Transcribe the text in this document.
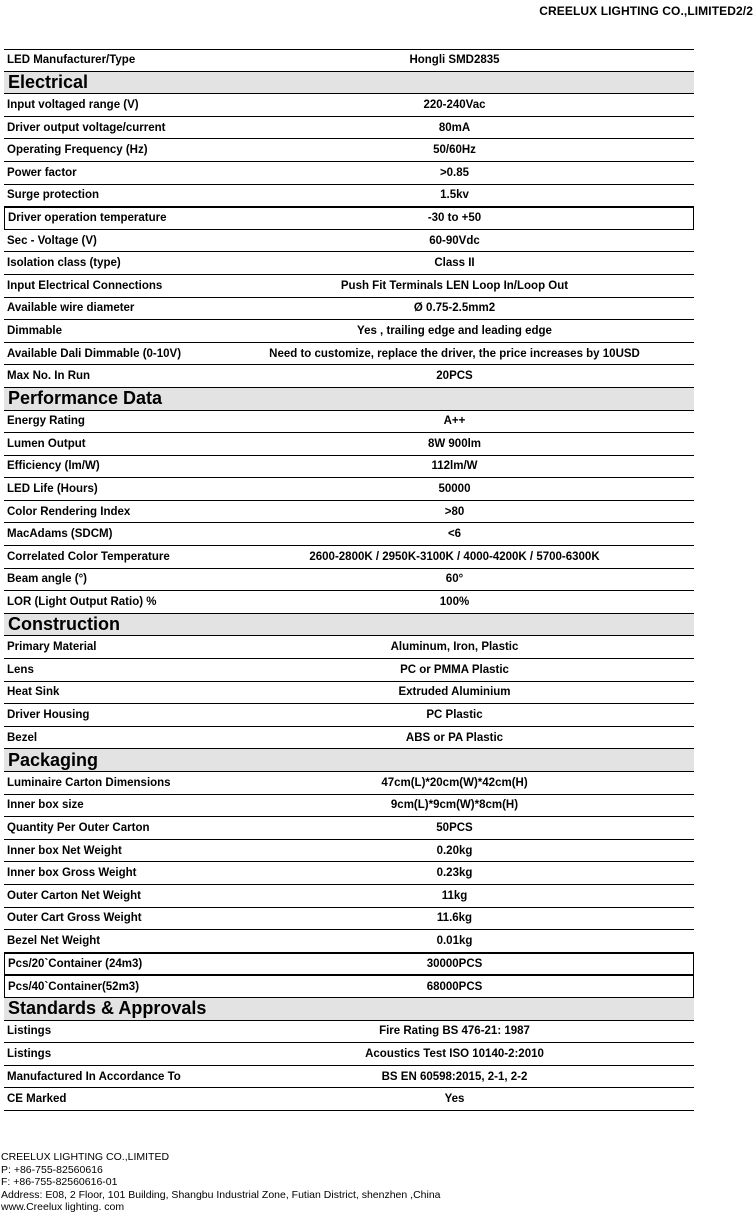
CREELUX LIGHTING CO.,LIMITED2/2
LED Manufacturer/Type	Hongli SMD2835
Electrical
Input voltaged range (V)	220-240Vac
Driver output voltage/current	80mA
Operating Frequency (Hz)	50/60Hz
Power factor	>0.85
Surge protection	1.5kv
Driver operation temperature	-30 to +50
Sec - Voltage (V)	60-90Vdc
Isolation class (type)	Class II
Input Electrical Connections	Push Fit Terminals LEN Loop In/Loop Out
Available wire diameter	Ø 0.75-2.5mm2
Dimmable	Yes , trailing edge and leading edge
Available Dali Dimmable (0-10V)	Need to customize, replace the driver, the price increases by 10USD
Max No. In Run	20PCS
Performance Data
Energy Rating	A++
Lumen Output	8W 900lm
Efficiency (lm/W)	112lm/W
LED Life (Hours)	50000
Color Rendering Index	>80
MacAdams (SDCM)	<6
Correlated Color Temperature	2600-2800K / 2950K-3100K / 4000-4200K / 5700-6300K
Beam angle (°)	60°
LOR (Light Output Ratio) %	100%
Construction
Primary Material	Aluminum, Iron, Plastic
Lens	PC or PMMA Plastic
Heat Sink	Extruded Aluminium
Driver Housing	PC Plastic
Bezel	ABS or PA Plastic
Packaging
Luminaire Carton Dimensions	47cm(L)*20cm(W)*42cm(H)
Inner box size	9cm(L)*9cm(W)*8cm(H)
Quantity Per Outer Carton	50PCS
Inner box Net Weight	0.20kg
Inner box Gross Weight	0.23kg
Outer Carton Net Weight	11kg
Outer Cart Gross Weight	11.6kg
Bezel Net Weight	0.01kg
Pcs/20`Container (24m3)	30000PCS
Pcs/40`Container(52m3)	68000PCS
Standards & Approvals
Listings	Fire Rating BS 476-21: 1987
Listings	Acoustics Test ISO 10140-2:2010
Manufactured In Accordance To	BS EN 60598:2015, 2-1, 2-2
CE Marked	Yes
CREELUX LIGHTING CO.,LIMITED
P: +86-755-82560616
F: +86-755-82560616-01
Address: E08, 2 Floor, 101 Building, Shangbu Industrial Zone, Futian District, shenzhen ,China
www.Creelux lighting. com
